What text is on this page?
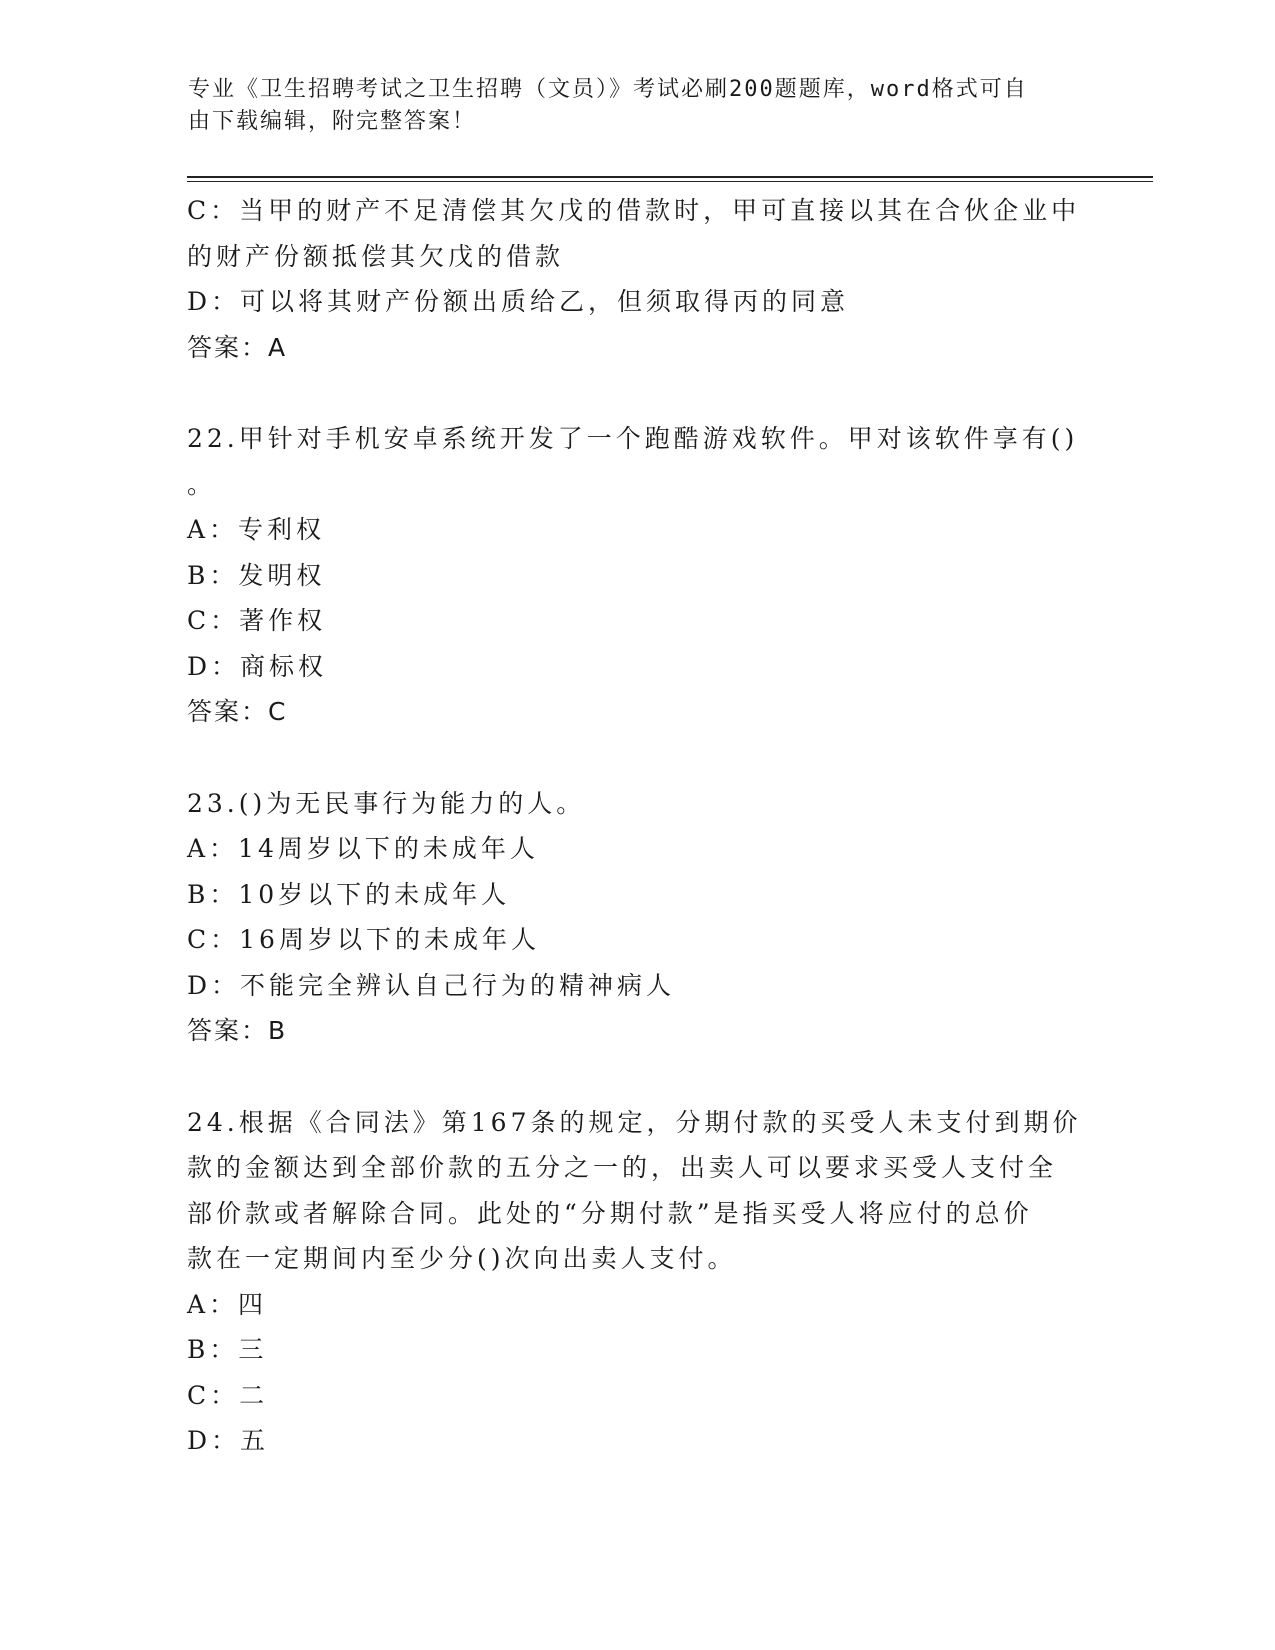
专业《卫生招聘考试之卫生招聘（文员）》考试必刷200题题库，word格式可自
由下载编辑，附完整答案！
C：当甲的财产不足清偿其欠戊的借款时，甲可直接以其在合伙企业中
的财产份额抵偿其欠戊的借款
D：可以将其财产份额出质给乙，但须取得丙的同意
答案：A
22.甲针对手机安卓系统开发了一个跑酷游戏软件。甲对该软件享有()
。
A：专利权
B：发明权
C：著作权
D：商标权
答案：C
23.()为无民事行为能力的人。
A：14周岁以下的未成年人
B：10岁以下的未成年人
C：16周岁以下的未成年人
D：不能完全辨认自己行为的精神病人
答案：B
24.根据《合同法》第167条的规定，分期付款的买受人未支付到期价
款的金额达到全部价款的五分之一的，出卖人可以要求买受人支付全
部价款或者解除合同。此处的“分期付款”是指买受人将应付的总价
款在一定期间内至少分()次向出卖人支付。
A：四
B：三
C：二
D：五
